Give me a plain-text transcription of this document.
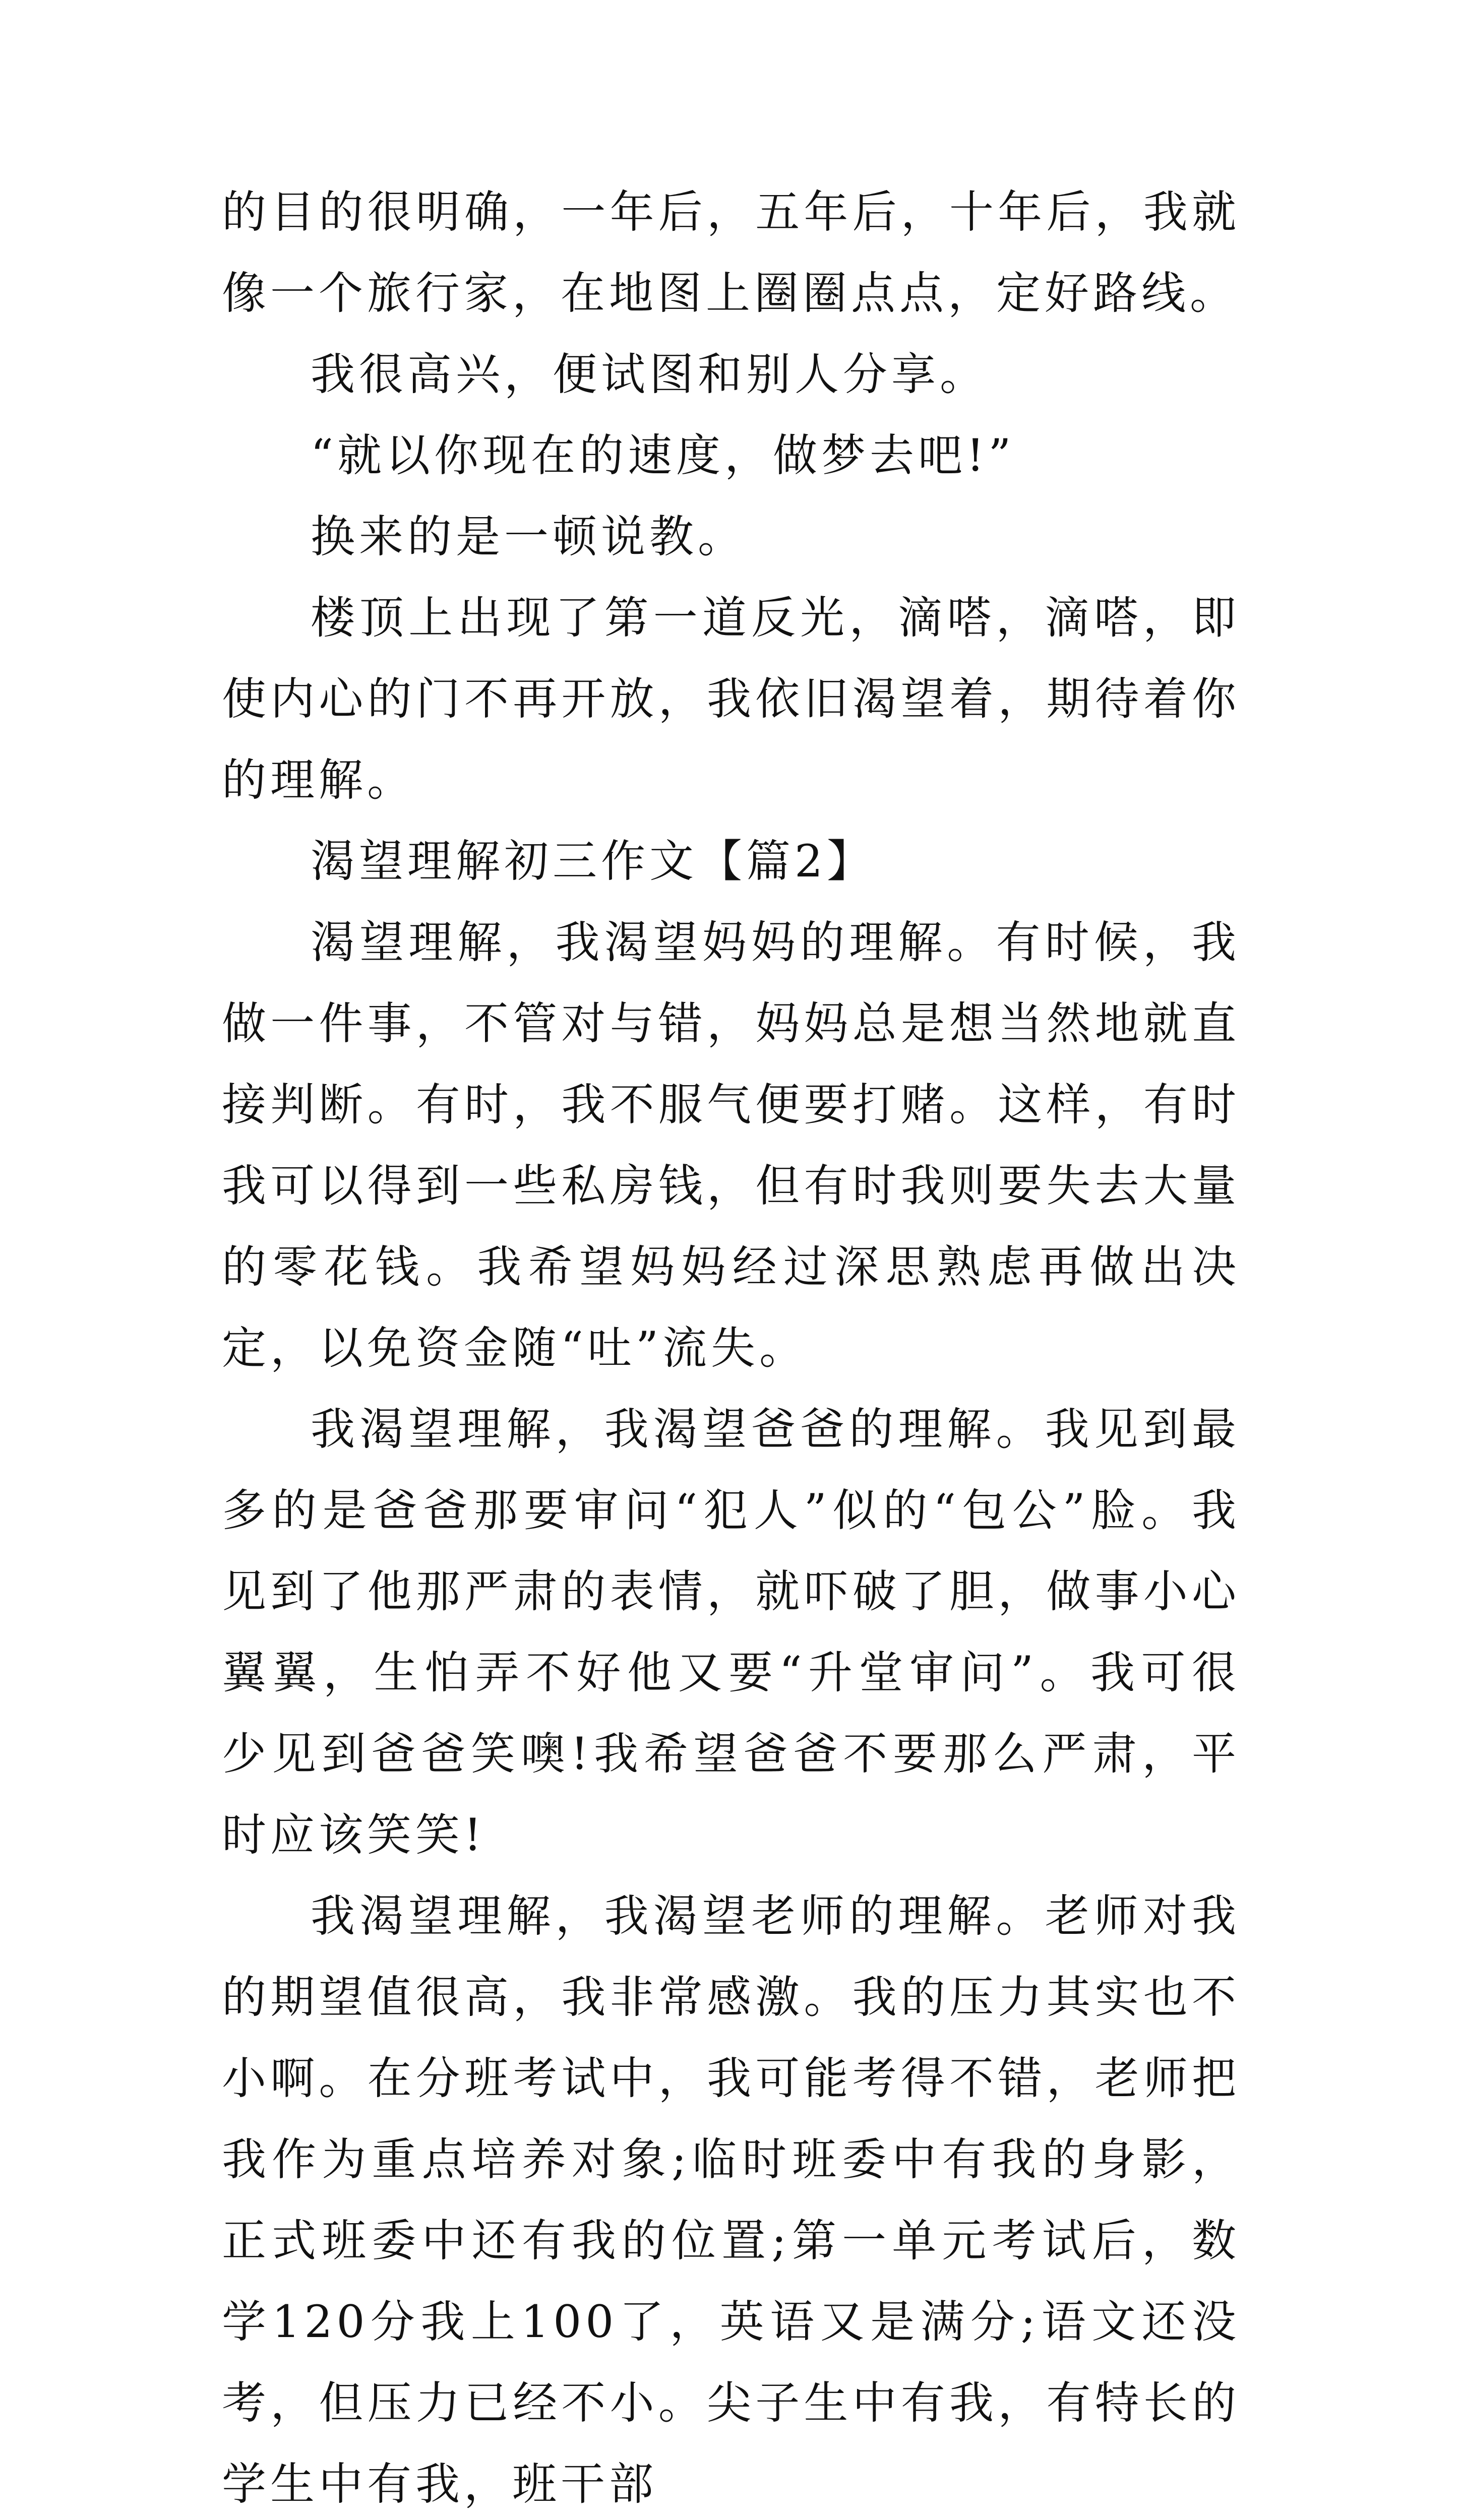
的目的很明确，一年后，五年后，十年后，我就像一个旅行家，在地图上圈圈点点，定好路线。

我很高兴，便试图和别人分享。

“就以你现在的速度，做梦去吧!”

换来的是一顿说教。

楼顶上出现了第一道反光，滴嗒，滴嗒，即使内心的门不再开放，我依旧渴望着，期待着你的理解。

渴望理解初三作文【篇2】

渴望理解，我渴望妈妈的理解。有时候，我做一件事，不管对与错，妈妈总是想当然地就直接判断。有时，我不服气便要打赌。这样，有时我可以得到一些私房钱，但有时我则要失去大量的零花钱。我希望妈妈经过深思熟虑再做出决定，以免资金随“吐”流失。

我渴望理解，我渴望爸爸的理解。我见到最多的是爸爸那要审问“犯人”似的“包公”脸。我见到了他那严肃的表情，就吓破了胆，做事小心翼翼，生怕弄不好他又要“升堂审问”。我可很少见到爸爸笑噢!我希望爸爸不要那么严肃，平时应该笑笑!

我渴望理解，我渴望老师的理解。老师对我的期望值很高，我非常感激。我的压力其实也不小啊。在分班考试中，我可能考得不错，老师把我作为重点培养对象;临时班委中有我的身影，正式班委中还有我的位置;第一单元考试后，数学120分我上100了，英语又是满分;语文还没考，但压力已经不小。尖子生中有我，有特长的学生中有我，班干部
